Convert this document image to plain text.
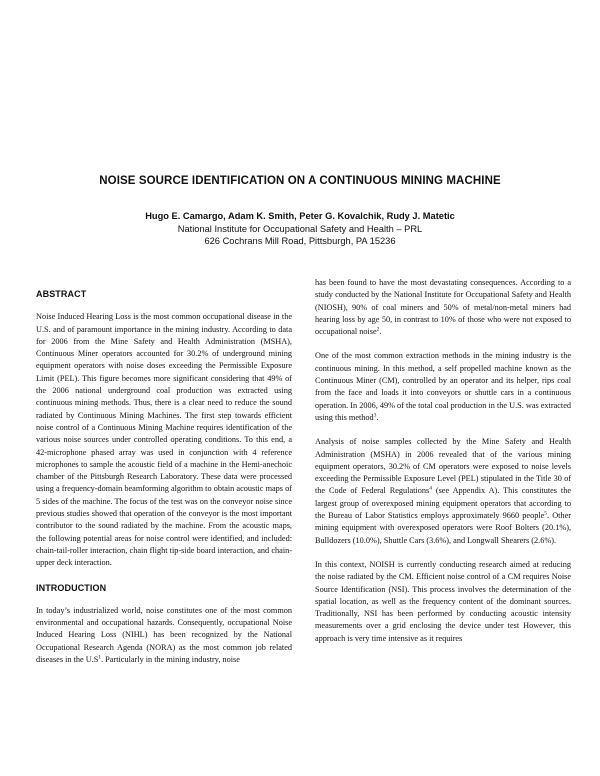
NOISE SOURCE IDENTIFICATION ON A CONTINUOUS MINING MACHINE
Hugo E. Camargo, Adam K. Smith, Peter G. Kovalchik, Rudy J. Matetic
National Institute for Occupational Safety and Health – PRL
626 Cochrans Mill Road, Pittsburgh, PA 15236
ABSTRACT
Noise Induced Hearing Loss is the most common occupational disease in the U.S. and of paramount importance in the mining industry. According to data for 2006 from the Mine Safety and Health Administration (MSHA), Continuous Miner operators accounted for 30.2% of underground mining equipment operators with noise doses exceeding the Permissible Exposure Limit (PEL). This figure becomes more significant considering that 49% of the 2006 national underground coal production was extracted using continuous mining methods. Thus, there is a clear need to reduce the sound radiated by Continuous Mining Machines. The first step towards efficient noise control of a Continuous Mining Machine requires identification of the various noise sources under controlled operating conditions. To this end, a 42-microphone phased array was used in conjunction with 4 reference microphones to sample the acoustic field of a machine in the Hemi-anechoic chamber of the Pittsburgh Research Laboratory. These data were processed using a frequency-domain beamforming algorithm to obtain acoustic maps of 5 sides of the machine. The focus of the test was on the conveyor noise since previous studies showed that operation of the conveyor is the most important contributor to the sound radiated by the machine. From the acoustic maps, the following potential areas for noise control were identified, and included: chain-tail-roller interaction, chain flight tip-side board interaction, and chain-upper deck interaction.
INTRODUCTION
In today’s industrialized world, noise constitutes one of the most common environmental and occupational hazards. Consequently, occupational Noise Induced Hearing Loss (NIHL) has been recognized by the National Occupational Research Agenda (NORA) as the most common job related diseases in the $U.S^1$. Particularly in the mining industry, noise
has been found to have the most devastating consequences. According to a study conducted by the National Institute for Occupational Safety and Health (NIOSH), 90% of coal miners and 50% of metal/non-metal miners had hearing loss by age 50, in contrast to 10% of those who were not exposed to occupational noise$^2$.
One of the most common extraction methods in the mining industry is the continuous mining. In this method, a self propelled machine known as the Continuous Miner (CM), controlled by an operator and its helper, rips coal from the face and loads it into conveyors or shuttle cars in a continuous operation. In 2006, 49% of the total coal production in the U.S. was extracted using this method$^3$.
Analysis of noise samples collected by the Mine Safety and Health Administration (MSHA) in 2006 revealed that of the various mining equipment operators, 30.2% of CM operators were exposed to noise levels exceeding the Permissible Exposure Level (PEL) stipulated in the Title 30 of the Code of Federal Regulations$^4$ (see Appendix A). This constitutes the largest group of overexposed mining equipment operators that according to the Bureau of Labor Statistics employs approximately 9660 people$^5$. Other mining equipment with overexposed operators were Roof Bolters (20.1%), Bulldozers (10.0%), Shuttle Cars (3.6%), and Longwall Shearers (2.6%).
In this context, NOISH is currently conducting research aimed at reducing the noise radiated by the CM. Efficient noise control of a CM requires Noise Source Identification (NSI). This process involves the determination of the spatial location, as well as the frequency content of the dominant sources. Traditionally, NSI has been performed by conducting acoustic intensity measurements over a grid enclosing the device under test However, this approach is very time intensive as it requires
